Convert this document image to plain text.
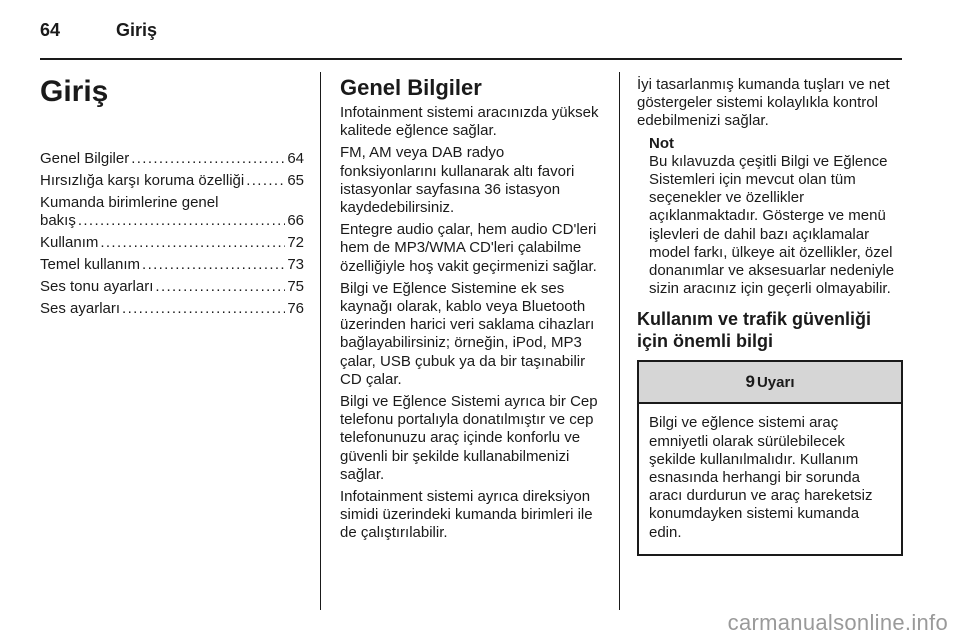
64	Giriş
Giriş
Genel Bilgiler . . .	64
Hırsızlığa karşı koruma özelliği . . .	65
Kumanda birimlerine genel
bakış . . .	66
Kullanım . . .	72
Temel kullanım . . .	73
Ses tonu ayarları . . .	75
Ses ayarları . . .	76
Genel Bilgiler

Infotainment sistemi aracınızda yüksek kalitede eğlence sağlar.

FM, AM veya DAB radyo fonksiyonlarını kullanarak altı favori istasyonlar sayfasına 36 istasyon kaydedebilirsiniz.

Entegre audio çalar, hem audio CD'leri hem de MP3/WMA CD'leri çalabilme özelliğiyle hoş vakit geçirmenizi sağlar.

Bilgi ve Eğlence Sistemine ek ses kaynağı olarak, kablo veya Bluetooth üzerinden harici veri saklama cihazları bağlayabilirsiniz; örneğin, iPod, MP3 çalar, USB çubuk ya da bir taşınabilir CD çalar.

Bilgi ve Eğlence Sistemi ayrıca bir Cep telefonu portalıyla donatılmıştır ve cep telefonunuzu araç içinde konforlu ve güvenli bir şekilde kullanabilmenizi sağlar.

Infotainment sistemi ayrıca direksiyon simidi üzerindeki kumanda birimleri ile de çalıştırılabilir.

İyi tasarlanmış kumanda tuşları ve net göstergeler sistemi kolaylıkla kontrol edebilmenizi sağlar.

Not
Bu kılavuzda çeşitli Bilgi ve Eğlence Sistemleri için mevcut olan tüm seçenekler ve özellikler açıklanmaktadır. Gösterge ve menü işlevleri de dahil bazı açıklamalar model farkı, ülkeye ait özellikler, özel donanımlar ve aksesuarlar nedeniyle sizin aracınız için geçerli olmayabilir.
Kullanım ve trafik güvenliği için önemli bilgi
9 Uyarı
Bilgi ve eğlence sistemi araç emniyetli olarak sürülebilecek şekilde kullanılmalıdır. Kullanım esnasında herhangi bir sorunda aracı durdurun ve araç hareketsiz konumdayken sistemi kumanda edin.
carmanualsonline.info
